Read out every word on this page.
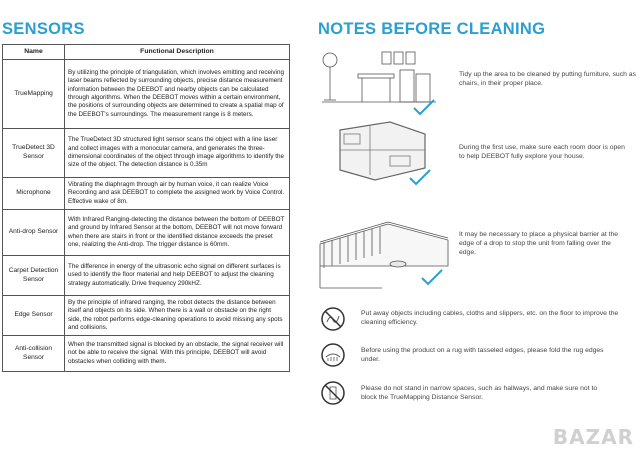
SENSORS
Name	Functional Description
TrueMapping	By utilizing the principle of triangulation, which involves emitting and receiving laser beams reflected by surrounding objects, precise distance measurement information between the DEEBOT and nearby objects can be calculated through algorithms. When the DEEBOT moves within a certain environment, the positions of surrounding objects are determined to create a spatial map of the DEEBOT's surroundings. The measurement range is 8 meters.
TrueDetect 3D Sensor	The TrueDetect 3D structured light sensor scans the object with a line laser and collect images with a monocular camera, and generates the three-dimensional coordinates of the object through image algorithms to identify the size of the object. The detection distance is 0.35m
Microphone	Vibrating the diaphragm through air by human voice, it can realize Voice Recording and ask DEEBOT to complete the assigned work by Voice Control. Effective wake of 8m.
Anti-drop Sensor	With Infrared Ranging-detecting the distance between the bottom of DEEBOT and ground by Infrared Sensor at the bottom, DEEBOT will not move forward when there are stairs in front or the identified distance exceeds the preset one, realizing the Anti-drop. The trigger distance is 60mm.
Carpet Detection Sensor	The difference in energy of the ultrasonic echo signal on different surfaces is used to identify the floor material and help DEEBOT to adjust the cleaning strategy automatically. Drive frequency 290kHZ.
Edge Sensor	By the principle of infrared ranging, the robot detects the distance between itself and objects on its side. When there is a wall or obstacle on the right side, the robot performs edge-cleaning operations to avoid missing any spots and collisions.
Anti-collision Sensor	When the transmitted signal is blocked by an obstacle, the signal receiver will not be able to receive the signal. With this principle, DEEBOT will avoid obstacles when colliding with them.
NOTES BEFORE CLEANING
Tidy up the area to be cleaned by putting furniture, such as chairs, in their proper place.
During the first use, make sure each room door is open to help DEEBOT fully explore your house.
It may be necessary to place a physical barrier at the edge of a drop to stop the unit from falling over the edge.
Put away objects including cables, cloths and slippers, etc. on the floor to improve the cleaning efficiency.
Before using the product on a rug with tasseled edges, please fold the rug edges under.
Please do not stand in narrow spaces, such as hallways, and make sure not to block the TrueMapping Distance Sensor.
BAZAR
